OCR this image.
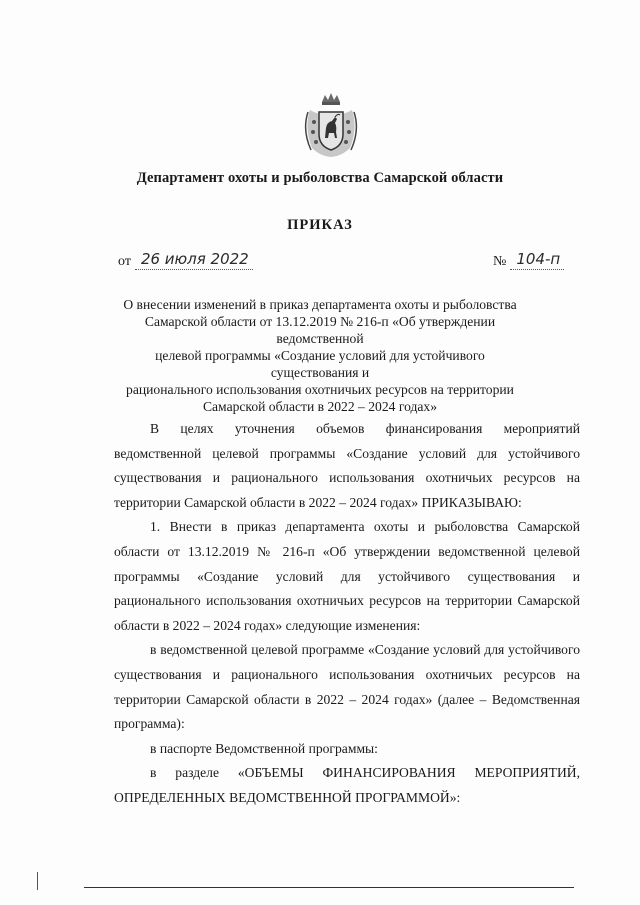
Департамент охоты и рыболовства Самарской области
ПРИКАЗ
от 26 июля 2022	№ 104-п
О внесении изменений в приказ департамента охоты и рыболовства
Самарской области от 13.12.2019 № 216-п «Об утверждении ведомственной
целевой программы «Создание условий для устойчивого существования и
рационального использования охотничьих ресурсов на территории
Самарской области в 2022 – 2024 годах»

В целях уточнения объемов финансирования мероприятий ведомственной целевой программы «Создание условий для устойчивого существования и рационального использования охотничьих ресурсов на территории Самарской области в 2022 – 2024 годах» ПРИКАЗЫВАЮ:

1. Внести в приказ департамента охоты и рыболовства Самарской области от 13.12.2019 № 216-п «Об утверждении ведомственной целевой программы «Создание условий для устойчивого существования и рационального использования охотничьих ресурсов на территории Самарской области в 2022 – 2024 годах» следующие изменения:

в ведомственной целевой программе «Создание условий для устойчивого существования и рационального использования охотничьих ресурсов на территории Самарской области в 2022 – 2024 годах» (далее – Ведомственная программа):

в паспорте Ведомственной программы:

в разделе «ОБЪЕМЫ ФИНАНСИРОВАНИЯ МЕРОПРИЯТИЙ, ОПРЕДЕЛЕННЫХ ВЕДОМСТВЕННОЙ ПРОГРАММОЙ»:
